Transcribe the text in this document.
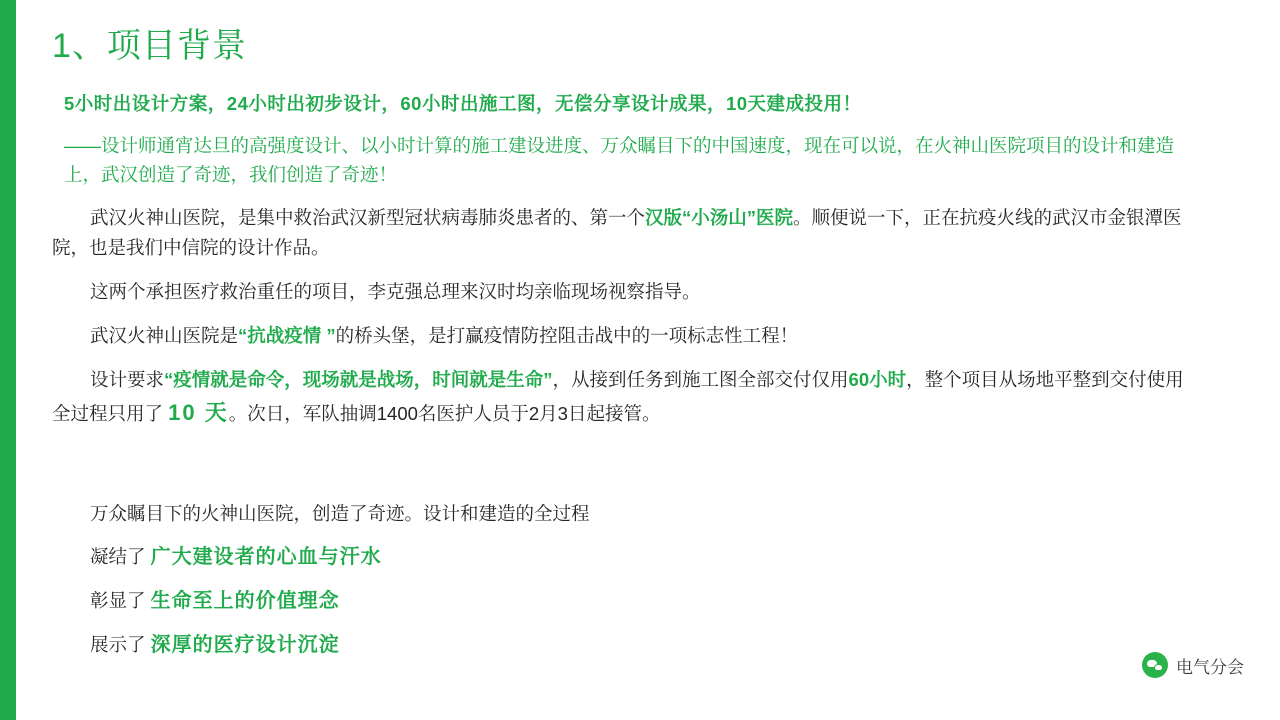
1、项目背景
5小时出设计方案，24小时出初步设计，60小时出施工图，无偿分享设计成果，10天建成投用！
——设计师通宵达旦的高强度设计、以小时计算的施工建设进度、万众瞩目下的中国速度，现在可以说，在火神山医院项目的设计和建造上，武汉创造了奇迹，我们创造了奇迹！
武汉火神山医院，是集中救治武汉新型冠状病毒肺炎患者的、第一个汉版“小汤山”医院。顺便说一下，正在抗疫火线的武汉市金银潭医院，也是我们中信院的设计作品。
这两个承担医疗救治重任的项目，李克强总理来汉时均亲临现场视察指导。
武汉火神山医院是“抗战疫情 ”的桥头堡，是打赢疫情防控阻击战中的一项标志性工程！
设计要求“疫情就是命令，现场就是战场，时间就是生命”，从接到任务到施工图全部交付仅用60小时，整个项目从场地平整到交付使用全过程只用了 10 天。次日，军队抽调1400名医护人员于2月3日起接管。
万众瞩目下的火神山医院，创造了奇迹。设计和建造的全过程
凝结了 广大建设者的心血与汗水
彰显了 生命至上的价值理念
展示了 深厚的医疗设计沉淀
电气分会
